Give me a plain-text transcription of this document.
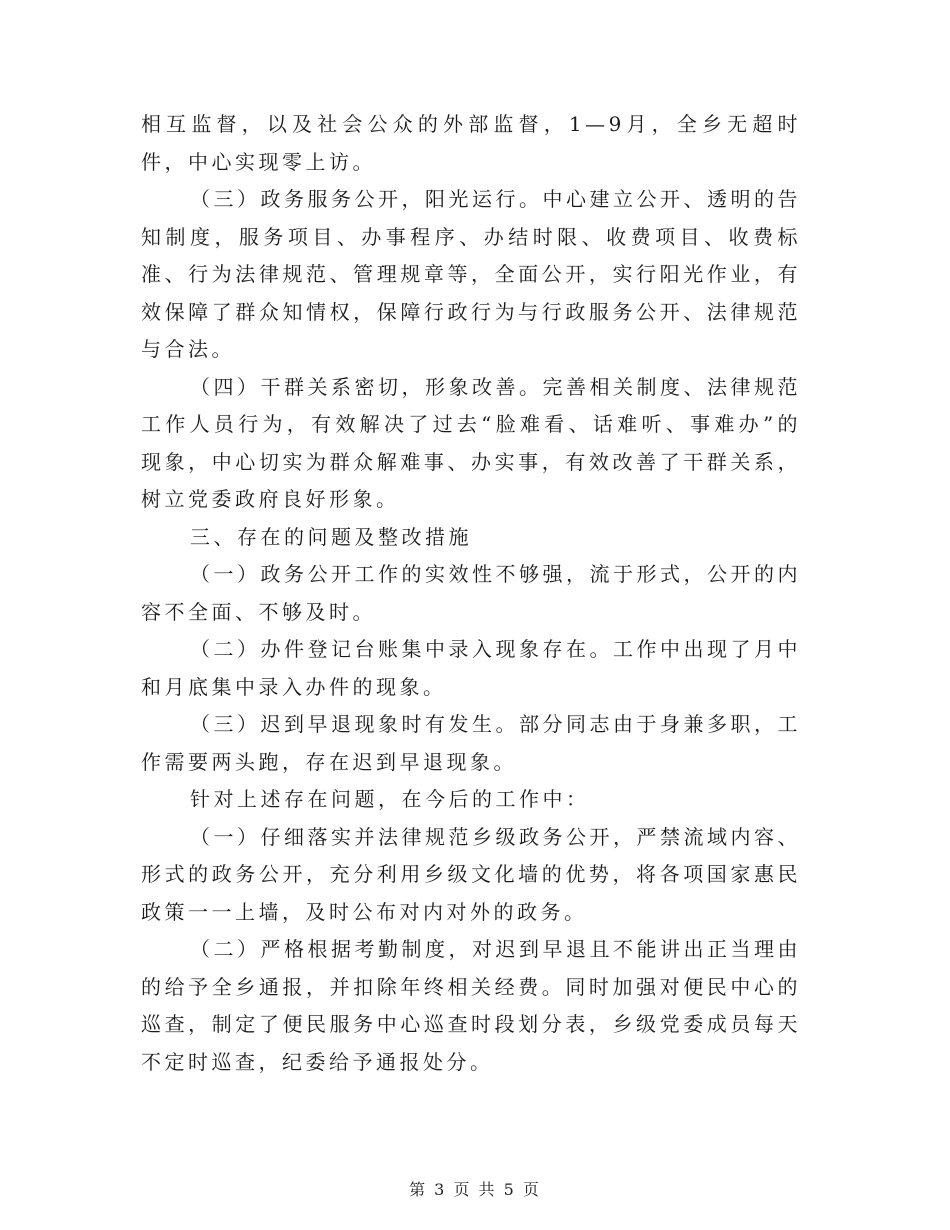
相互监督，以及社会公众的外部监督，1—9月，全乡无超时件，中心实现零上访。

（三）政务服务公开，阳光运行。中心建立公开、透明的告知制度，服务项目、办事程序、办结时限、收费项目、收费标准、行为法律规范、管理规章等，全面公开，实行阳光作业，有效保障了群众知情权，保障行政行为与行政服务公开、法律规范与合法。

（四）干群关系密切，形象改善。完善相关制度、法律规范工作人员行为，有效解决了过去“脸难看、话难听、事难办”的现象，中心切实为群众解难事、办实事，有效改善了干群关系，树立党委政府良好形象。

三、存在的问题及整改措施

（一）政务公开工作的实效性不够强，流于形式，公开的内容不全面、不够及时。

（二）办件登记台账集中录入现象存在。工作中出现了月中和月底集中录入办件的现象。

（三）迟到早退现象时有发生。部分同志由于身兼多职，工作需要两头跑，存在迟到早退现象。

针对上述存在问题，在今后的工作中：

（一）仔细落实并法律规范乡级政务公开，严禁流域内容、形式的政务公开，充分利用乡级文化墙的优势，将各项国家惠民政策一一上墙，及时公布对内对外的政务。

（二）严格根据考勤制度，对迟到早退且不能讲出正当理由的给予全乡通报，并扣除年终相关经费。同时加强对便民中心的巡查，制定了便民服务中心巡查时段划分表，乡级党委成员每天不定时巡查，纪委给予通报处分。

第 3 页 共 5 页
